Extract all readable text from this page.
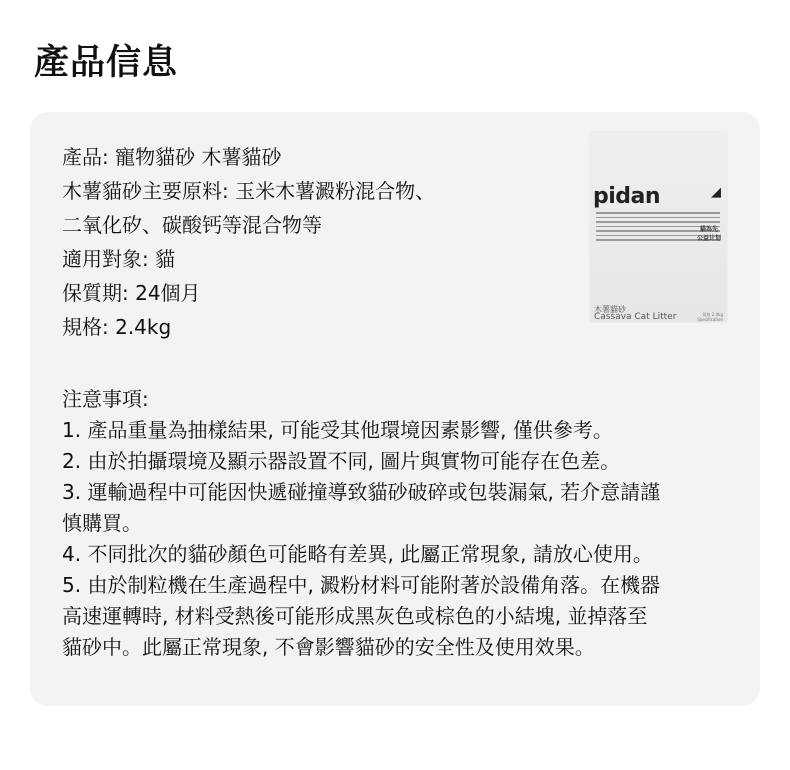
產品信息
產品: 寵物貓砂 木薯貓砂
木薯貓砂主要原料: 玉米木薯澱粉混合物、
二氧化矽、碳酸钙等混合物等
適用對象: 貓
保質期: 24個月
規格: 2.4kg
pidan	◢
貓為先
公益计划
木薯貓砂
Cassava Cat Litter	規格 2.4kg
Specification
注意事項:
1. 產品重量為抽樣結果, 可能受其他環境因素影響, 僅供參考。
2. 由於拍攝環境及顯示器設置不同, 圖片與實物可能存在色差。
3. 運輸過程中可能因快遞碰撞導致貓砂破碎或包裝漏氣, 若介意請謹
慎購買。
4. 不同批次的貓砂顏色可能略有差異, 此屬正常現象, 請放心使用。
5. 由於制粒機在生產過程中, 澱粉材料可能附著於設備角落。在機器
高速運轉時, 材料受熱後可能形成黑灰色或棕色的小結塊, 並掉落至
貓砂中。此屬正常現象, 不會影響貓砂的安全性及使用效果。
